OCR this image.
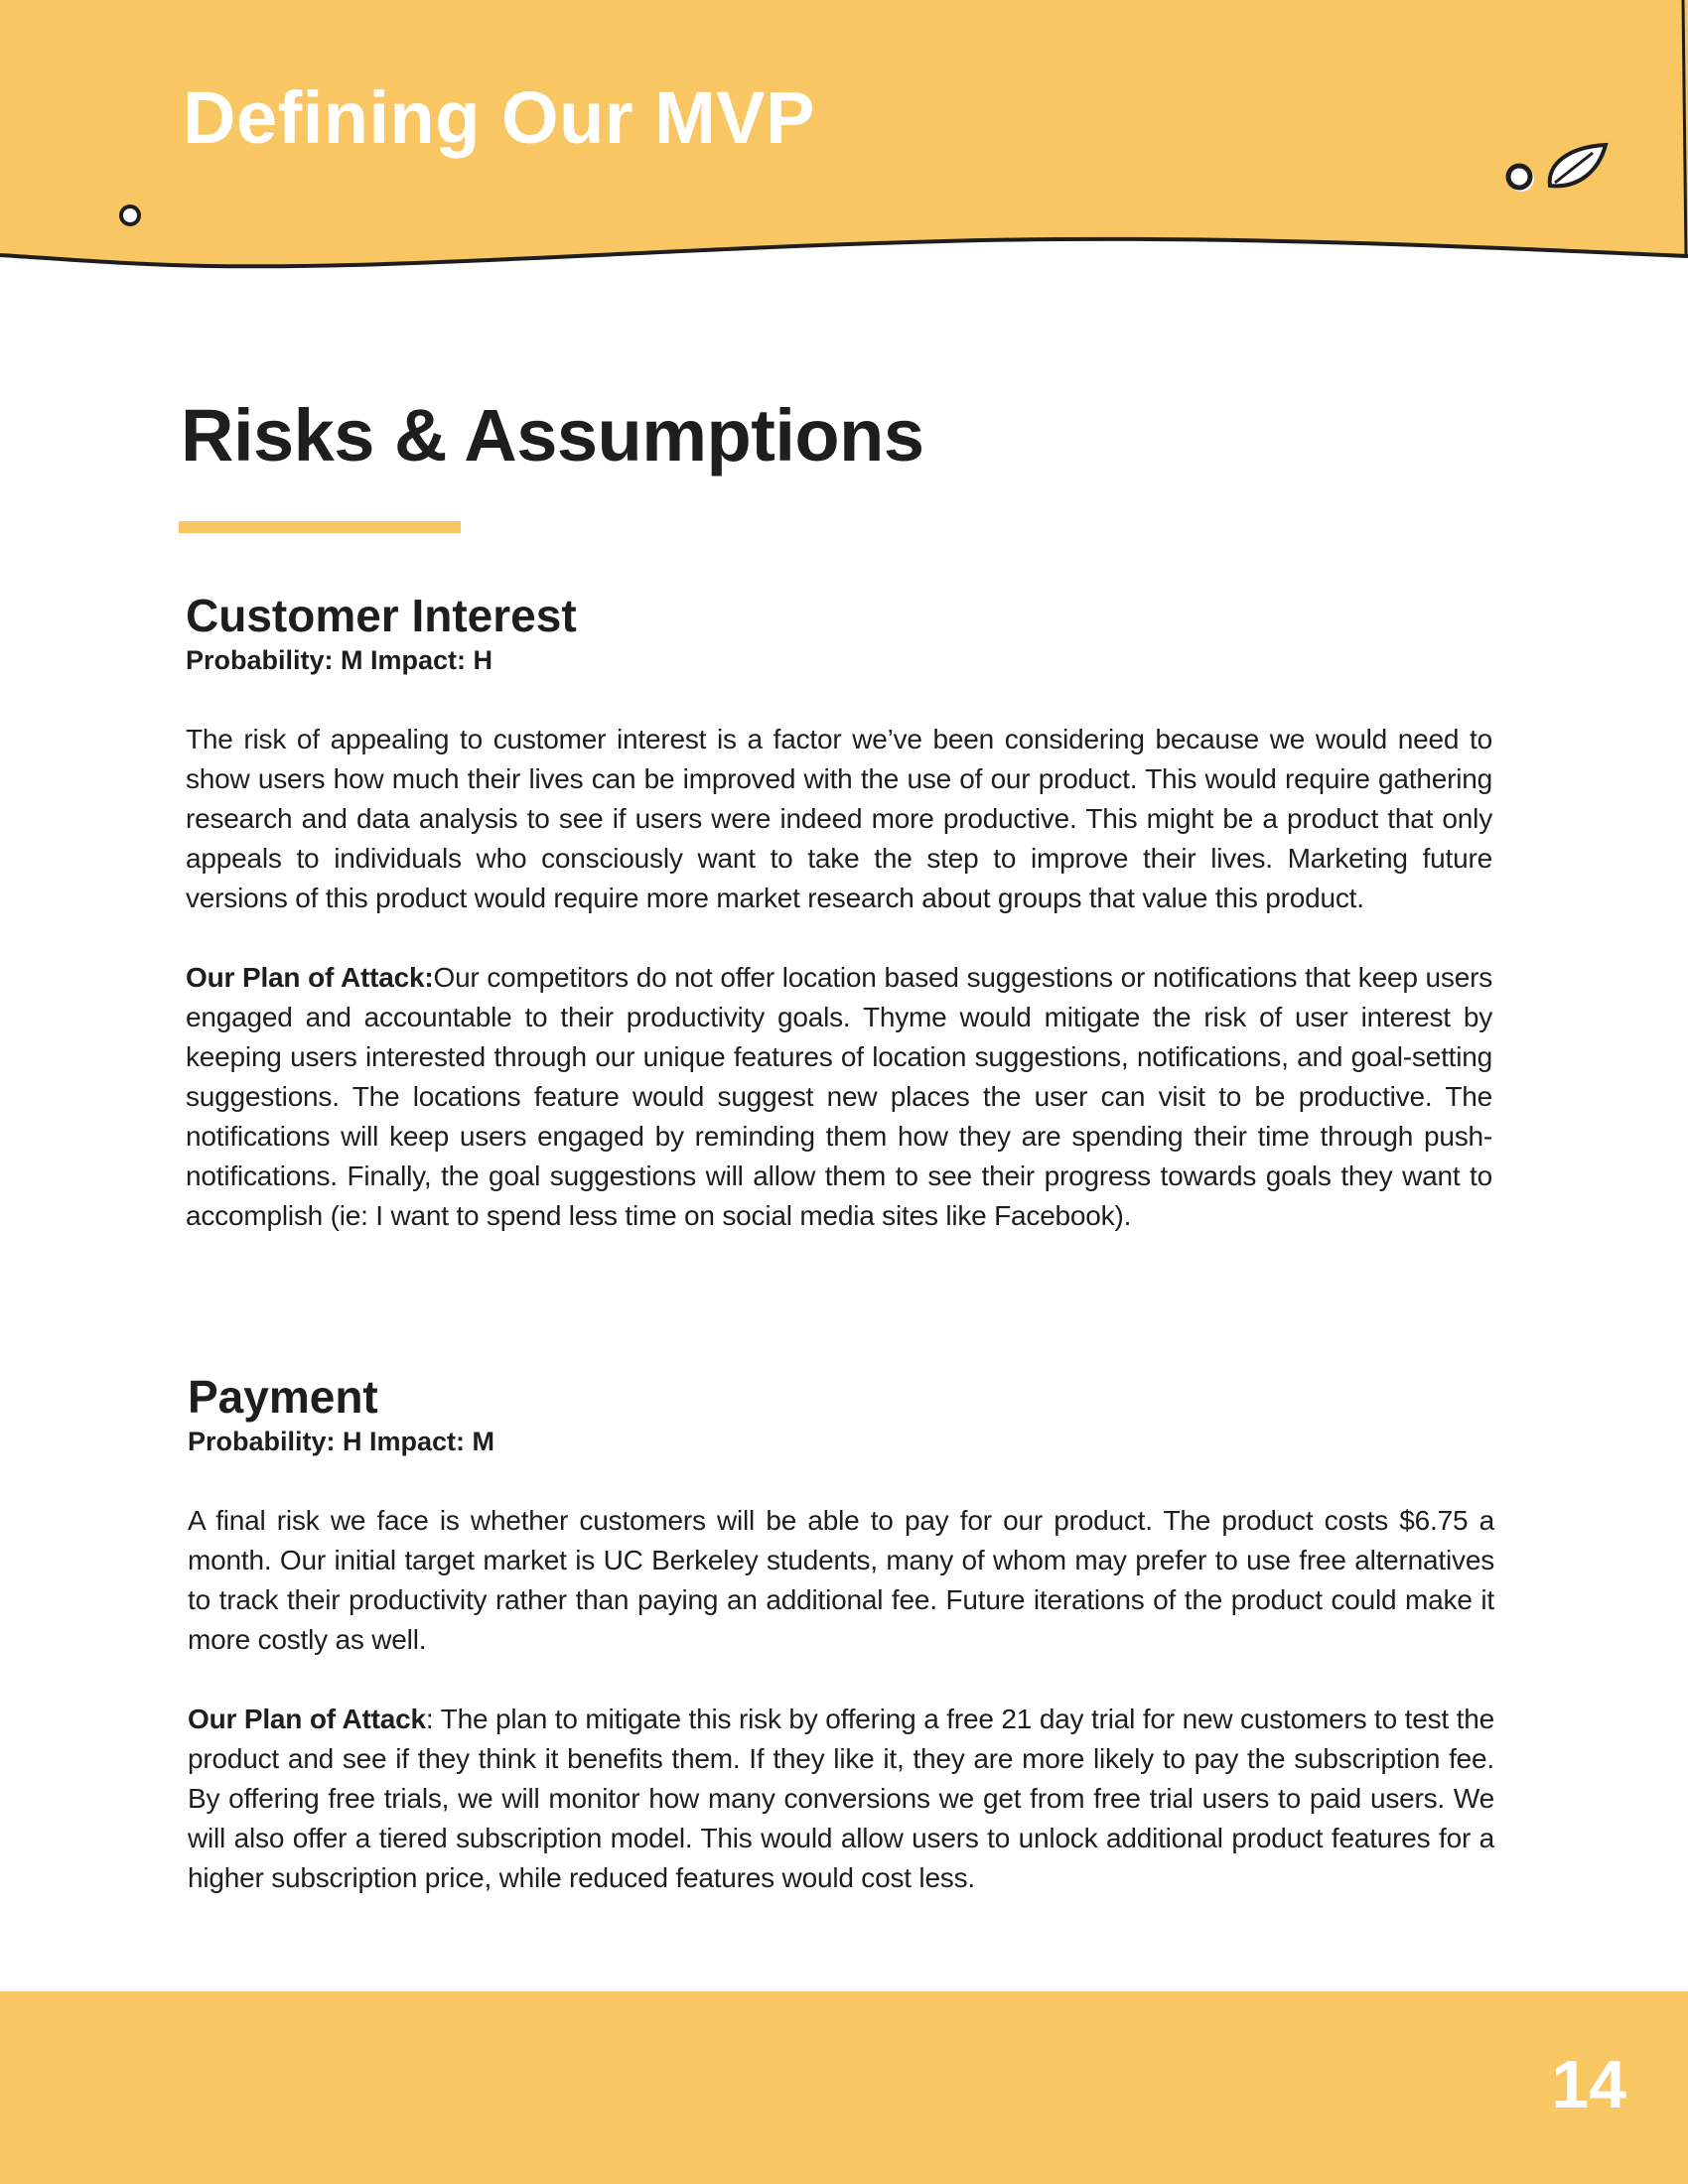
Defining Our MVP
Risks & Assumptions
Customer Interest

Probability: M Impact: H

The risk of appealing to customer interest is a factor we’ve been considering because we would need to show users how much their lives can be improved with the use of our product. This would require gathering research and data analysis to see if users were indeed more productive. This might be a product that only appeals to individuals who consciously want to take the step to improve their lives. Marketing future versions of this product would require more market research about groups that value this product.

Our Plan of Attack:Our competitors do not offer location based suggestions or notifications that keep users engaged and accountable to their productivity goals. Thyme would mitigate the risk of user interest by keeping users interested through our unique features of location suggestions, notifications, and goal-setting suggestions. The locations feature would suggest new places the user can visit to be productive. The notifications will keep users engaged by reminding them how they are spending their time through push-notifications. Finally, the goal suggestions will allow them to see their progress towards goals they want to accomplish (ie: I want to spend less time on social media sites like Facebook).

Payment

Probability: H Impact: M

A final risk we face is whether customers will be able to pay for our product. The product costs $6.75 a month. Our initial target market is UC Berkeley students, many of whom may prefer to use free alternatives to track their productivity rather than paying an additional fee. Future iterations of the product could make it more costly as well.

Our Plan of Attack: The plan to mitigate this risk by offering a free 21 day trial for new customers to test the product and see if they think it benefits them. If they like it, they are more likely to pay the subscription fee. By offering free trials, we will monitor how many conversions we get from free trial users to paid users. We will also offer a tiered subscription model. This would allow users to unlock additional product features for a higher subscription price, while reduced features would cost less.

14
